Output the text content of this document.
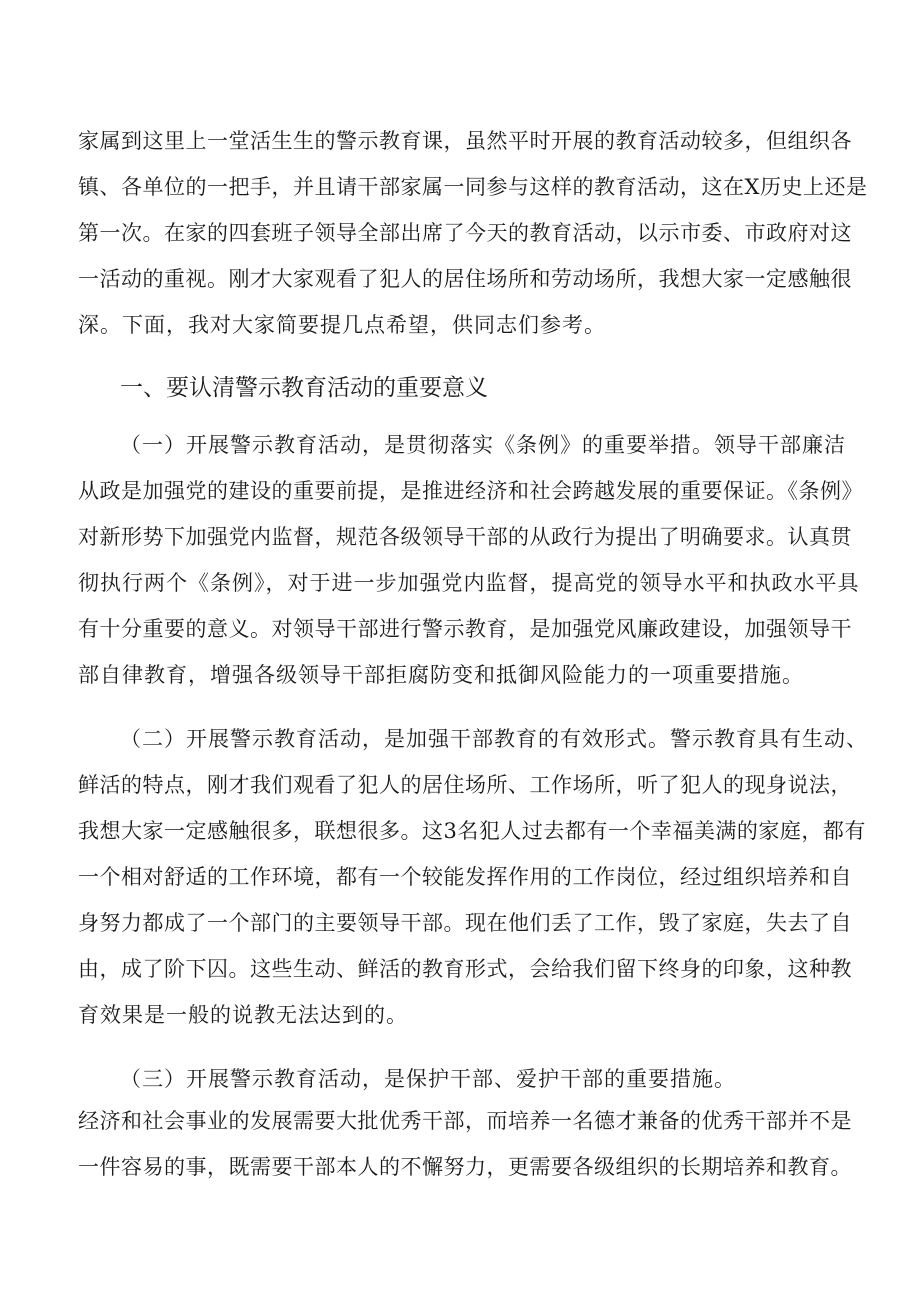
家属到这里上一堂活生生的警示教育课，虽然平时开展的教育活动较多，但组织各
镇、各单位的一把手，并且请干部家属一同参与这样的教育活动，这在X历史上还是
第一次。在家的四套班子领导全部出席了今天的教育活动，以示市委、市政府对这
一活动的重视。刚才大家观看了犯人的居住场所和劳动场所，我想大家一定感触很
深。下面，我对大家简要提几点希望，供同志们参考。
一、要认清警示教育活动的重要意义
（一）开展警示教育活动，是贯彻落实《条例》的重要举措。领导干部廉洁
从政是加强党的建设的重要前提，是推进经济和社会跨越发展的重要保证。《条例》
对新形势下加强党内监督，规范各级领导干部的从政行为提出了明确要求。认真贯
彻执行两个《条例》，对于进一步加强党内监督，提高党的领导水平和执政水平具
有十分重要的意义。对领导干部进行警示教育，是加强党风廉政建设，加强领导干
部自律教育，增强各级领导干部拒腐防变和抵御风险能力的一项重要措施。
（二）开展警示教育活动，是加强干部教育的有效形式。警示教育具有生动、
鲜活的特点，刚才我们观看了犯人的居住场所、工作场所，听了犯人的现身说法，
我想大家一定感触很多，联想很多。这3名犯人过去都有一个幸福美满的家庭，都有
一个相对舒适的工作环境，都有一个较能发挥作用的工作岗位，经过组织培养和自
身努力都成了一个部门的主要领导干部。现在他们丢了工作，毁了家庭，失去了自
由，成了阶下囚。这些生动、鲜活的教育形式，会给我们留下终身的印象，这种教
育效果是一般的说教无法达到的。
（三）开展警示教育活动，是保护干部、爱护干部的重要措施。
经济和社会事业的发展需要大批优秀干部，而培养一名德才兼备的优秀干部并不是
一件容易的事，既需要干部本人的不懈努力，更需要各级组织的长期培养和教育。
